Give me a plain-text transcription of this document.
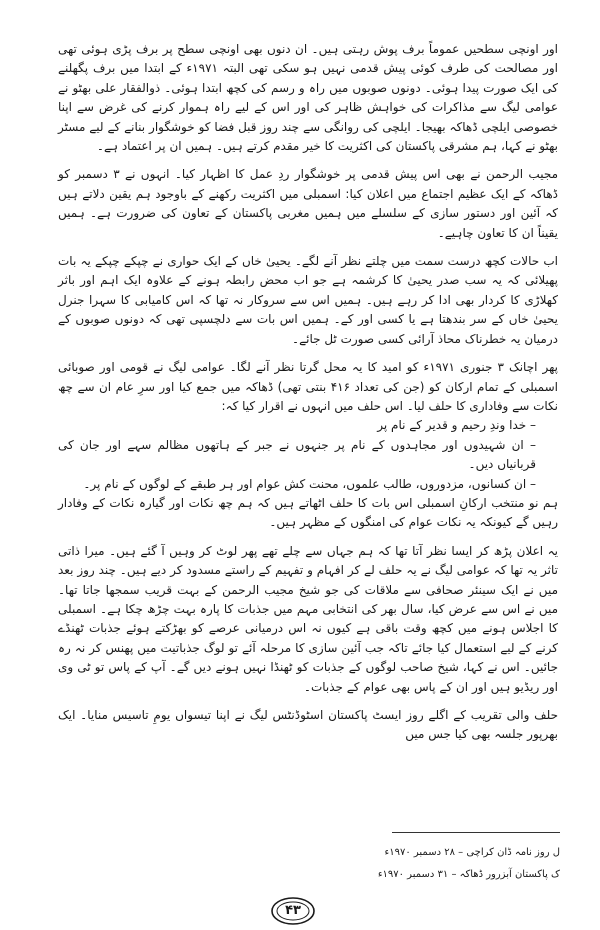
اور اونچی سطحیں عموماً برف پوش رہتی ہیں۔ ان دنوں بھی اونچی سطح پر برف پڑی ہوئی تھی اور مصالحت کی طرف کوئی پیش قدمی نہیں ہو سکی تھی البتہ ۱۹۷۱ء کے ابتدا میں برف پگھلنے کی ایک صورت پیدا ہوئی۔ دونوں صوبوں میں راہ و رسم کی کچھ ابتدا ہوئی۔ ذوالفقار علی بھٹو نے عوامی لیگ سے مذاکرات کی خواہش ظاہر کی اور اس کے لیے راہ ہموار کرنے کی غرض سے اپنا خصوصی ایلچی ڈھاکہ بھیجا۔ ایلچی کی روانگی سے چند روز قبل فضا کو خوشگوار بنانے کے لیے مسٹر بھٹو نے کہا، ہم مشرقی پاکستان کی اکثریت کا خیر مقدم کرتے ہیں۔ ہمیں ان پر اعتماد ہے۔

مجیب الرحمن نے بھی اس پیش قدمی پر خوشگوار ردِ عمل کا اظہار کیا۔ انہوں نے ۳ دسمبر کو ڈھاکہ کے ایک عظیم اجتماع میں اعلان کیا: اسمبلی میں اکثریت رکھنے کے باوجود ہم یقین دلاتے ہیں کہ آئین اور دستور سازی کے سلسلے میں ہمیں مغربی پاکستان کے تعاون کی ضرورت ہے۔ ہمیں یقیناً ان کا تعاون چاہیے۔

اب حالات کچھ درست سمت میں چلتے نظر آنے لگے۔ یحییٰ خاں کے ایک حواری نے چپکے چپکے یہ بات پھیلائی کہ یہ سب صدر یحییٰ کا کرشمہ ہے جو اب محض رابطہ ہونے کے علاوہ ایک اہم اور باثر کھلاڑی کا کردار بھی ادا کر رہے ہیں۔ ہمیں اس سے سروکار نہ تھا کہ اس کامیابی کا سہرا جنرل یحییٰ خاں کے سر بندھتا ہے یا کسی اور کے۔ ہمیں اس بات سے دلچسپی تھی کہ دونوں صوبوں کے درمیان یہ خطرناک محاذ آرائی کسی صورت ٹل جائے۔

پھر اچانک ۳ جنوری ۱۹۷۱ء کو امید کا یہ محل گرتا نظر آنے لگا۔ عوامی لیگ نے قومی اور صوبائی اسمبلی کے تمام ارکان کو (جن کی تعداد ۴۱۶ بنتی تھی) ڈھاکہ میں جمع کیا اور سرِ عام ان سے چھ نکات سے وفاداری کا حلف لیا۔ اس حلف میں انہوں نے اقرار کیا کہ:

– خدا وندِ رحیم و قدیر کے نام پر
– ان شہیدوں اور مجاہدوں کے نام پر جنہوں نے جبر کے ہاتھوں مظالم سہے اور جان کی قربانیاں دیں۔
– ان کسانوں، مزدوروں، طالب علموں، محنت کش عوام اور ہر طبقے کے لوگوں کے نام پر۔

ہم نو منتخب ارکانِ اسمبلی اس بات کا حلف اٹھاتے ہیں کہ ہم چھ نکات اور گیارہ نکات کے وفادار رہیں گے کیونکہ یہ نکات عوام کی امنگوں کے مظہر ہیں۔

یہ اعلان پڑھ کر ایسا نظر آتا تھا کہ ہم جہاں سے چلے تھے پھر لوٹ کر وہیں آ گئے ہیں۔ میرا ذاتی تاثر یہ تھا کہ عوامی لیگ نے یہ حلف لے کر افہام و تفہیم کے راستے مسدود کر دیے ہیں۔ چند روز بعد میں نے ایک سینئر صحافی سے ملاقات کی جو شیخ مجیب الرحمن کے بہت قریب سمجھا جاتا تھا۔ میں نے اس سے عرض کیا، سال بھر کی انتخابی مہم میں جذبات کا پارہ بہت چڑھ چکا ہے۔ اسمبلی کا اجلاس ہونے میں کچھ وقت باقی ہے کیوں نہ اس درمیانی عرصے کو بھڑکتے ہوئے جذبات ٹھنڈے کرنے کے لیے استعمال کیا جائے تاکہ جب آئین سازی کا مرحلہ آئے تو لوگ جذباتیت میں پھنس کر نہ رہ جائیں۔ اس نے کہا، شیخ صاحب لوگوں کے جذبات کو ٹھنڈا نہیں ہونے دیں گے۔ آپ کے پاس تو ٹی وی اور ریڈیو ہیں اور ان کے پاس بھی عوام کے جذبات۔

حلف والی تقریب کے اگلے روز ایسٹ پاکستان اسٹوڈنٹس لیگ نے اپنا تیسواں یومِ تاسیس منایا۔ ایک بھرپور جلسہ بھی کیا جس میں

ل روز نامہ ڈان کراچی – ۲۸ دسمبر ۱۹۷۰ء

ک پاکستان آبزرور ڈھاکہ – ۳۱ دسمبر ۱۹۷۰ء

۴۳
